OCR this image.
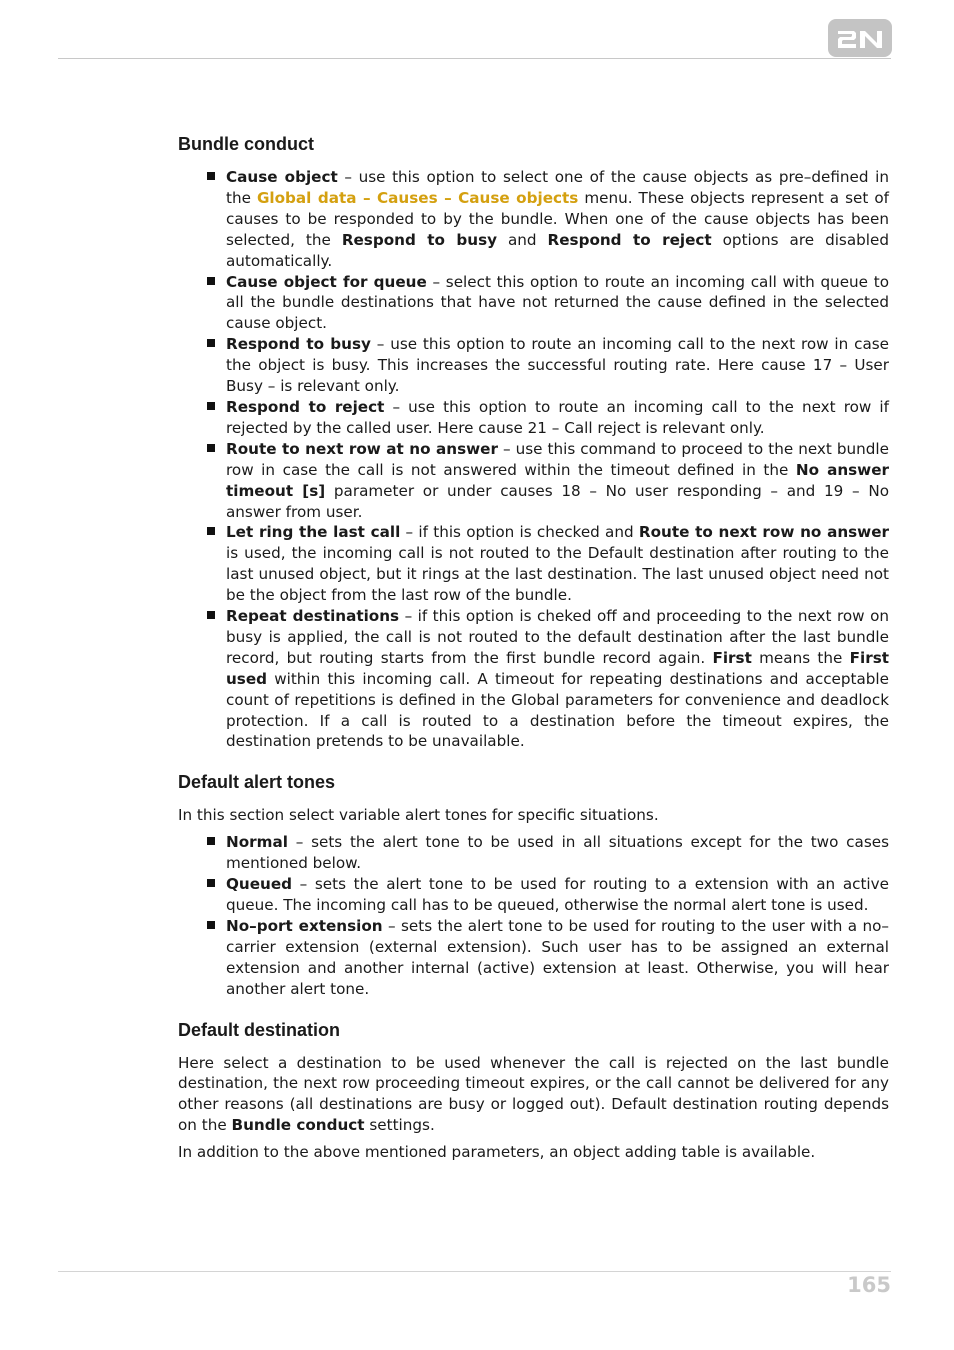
Bundle conduct
Cause object – use this option to select one of the cause objects as pre–defined in the Global data – Causes – Cause objects menu. These objects represent a set of causes to be responded to by the bundle. When one of the cause objects has been selected, the Respond to busy and Respond to reject options are disabled automatically.
Cause object for queue – select this option to route an incoming call with queue to all the bundle destinations that have not returned the cause defined in the selected cause object.
Respond to busy – use this option to route an incoming call to the next row in case the object is busy. This increases the successful routing rate. Here cause 17 – User Busy – is relevant only.
Respond to reject – use this option to route an incoming call to the next row if rejected by the called user. Here cause 21 – Call reject is relevant only.
Route to next row at no answer – use this command to proceed to the next bundle row in case the call is not answered within the timeout defined in the No answer timeout [s] parameter or under causes 18 – No user responding – and 19 – No answer from user.
Let ring the last call – if this option is checked and Route to next row no answer is used, the incoming call is not routed to the Default destination after routing to the last unused object, but it rings at the last destination. The last unused object need not be the object from the last row of the bundle.
Repeat destinations – if this option is cheked off and proceeding to the next row on busy is applied, the call is not routed to the default destination after the last bundle record, but routing starts from the first bundle record again. First means the First used within this incoming call. A timeout for repeating destinations and acceptable count of repetitions is defined in the Global parameters for convenience and deadlock protection. If a call is routed to a destination before the timeout expires, the destination pretends to be unavailable.
Default alert tones

In this section select variable alert tones for specific situations.

Normal – sets the alert tone to be used in all situations except for the two cases mentioned below.
Queued – sets the alert tone to be used for routing to a extension with an active queue. The incoming call has to be queued, otherwise the normal alert tone is used.
No–port extension – sets the alert tone to be used for routing to the user with a no–carrier extension (external extension). Such user has to be assigned an external extension and another internal (active) extension at least. Otherwise, you will hear another alert tone.
Default destination

Here select a destination to be used whenever the call is rejected on the last bundle destination, the next row proceeding timeout expires, or the call cannot be delivered for any other reasons (all destinations are busy or logged out). Default destination routing depends on the Bundle conduct settings.

In addition to the above mentioned parameters, an object adding table is available.

165
